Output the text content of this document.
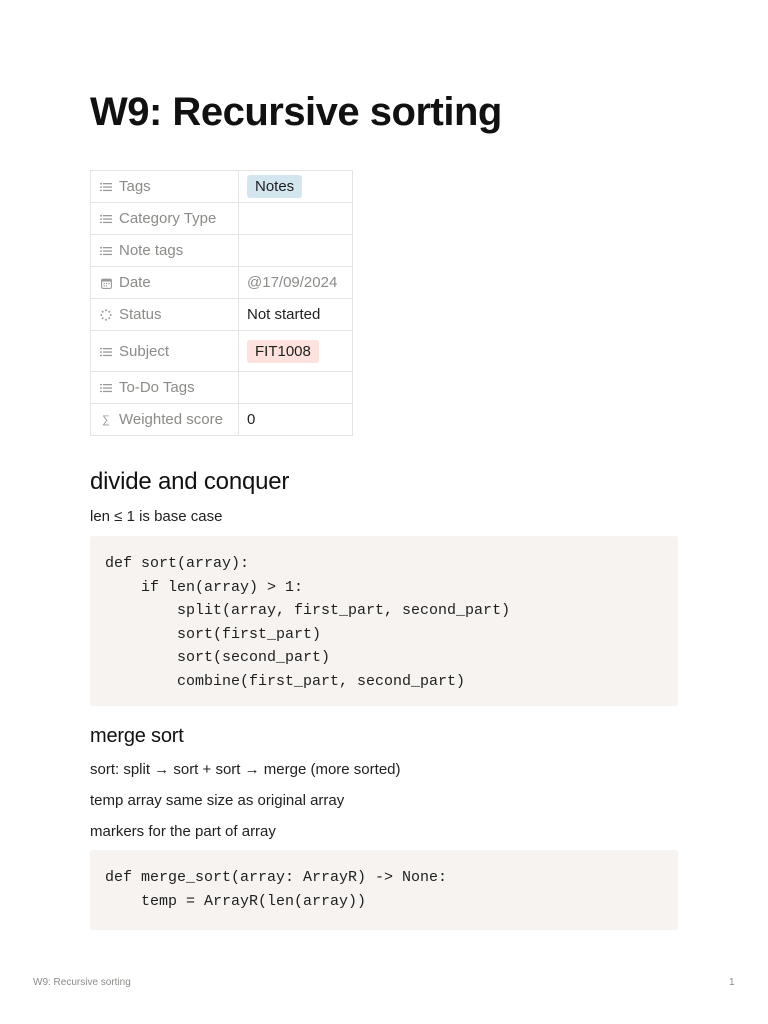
W9: Recursive sorting
Tags	Notes

Category Type	

Note tags	

Date	@17/09/2024

Status	Not started

Subject	FIT1008

To-Do Tags	
∑ Weighted score	0
divide and conquer

len ≤ 1 is base case

def sort(array):
if len(array) > 1:
split(array, first_part, second_part)
sort(first_part)
sort(second_part)
combine(first_part, second_part)
merge sort

sort: split → sort + sort → merge (more sorted)

temp array same size as original array

markers for the part of array

def merge_sort(array: ArrayR) -> None:
temp = ArrayR(len(array))
W9: Recursive sorting	1
